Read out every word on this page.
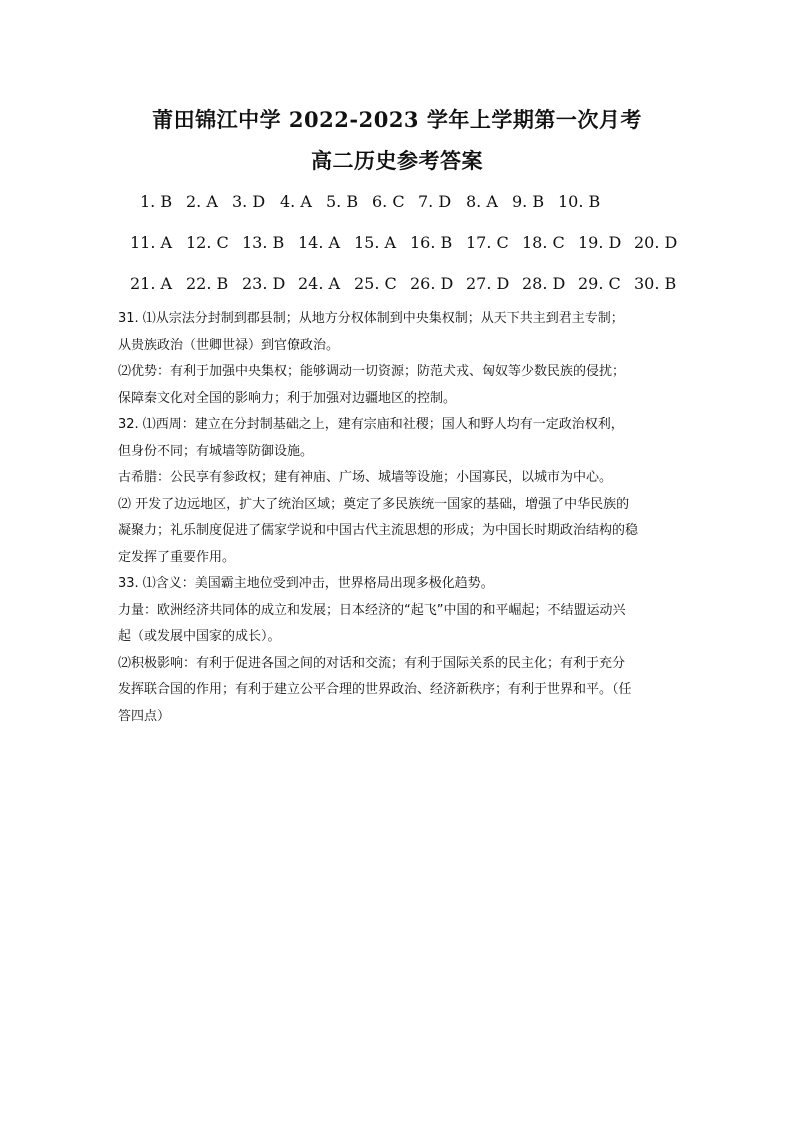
莆田锦江中学 2022-2023 学年上学期第一次月考
高二历史参考答案
1. B 2. A 3. D 4. A 5. B 6. C 7. D 8. A 9. B 10. B
11. A 12. C 13. B 14. A 15. A 16. B 17. C 18. C 19. D 20. D
21. A 22. B 23. D 24. A 25. C 26. D 27. D 28. D 29. C 30. B

31. ⑴从宗法分封制到郡县制；从地方分权体制到中央集权制；从天下共主到君主专制；

从贵族政治（世卿世禄）到官僚政治。

⑵优势：有利于加强中央集权；能够调动一切资源；防范犬戎、匈奴等少数民族的侵扰；

保障秦文化对全国的影响力；利于加强对边疆地区的控制。

32. ⑴西周：建立在分封制基础之上，建有宗庙和社稷；国人和野人均有一定政治权利，

但身份不同；有城墙等防御设施。

古希腊：公民享有参政权；建有神庙、广场、城墙等设施；小国寡民，以城市为中心。

⑵ 开发了边远地区，扩大了统治区域；奠定了多民族统一国家的基础，增强了中华民族的

凝聚力；礼乐制度促进了儒家学说和中国古代主流思想的形成；为中国长时期政治结构的稳

定发挥了重要作用。

33. ⑴含义：美国霸主地位受到冲击，世界格局出现多极化趋势。

力量：欧洲经济共同体的成立和发展；日本经济的“起飞”中国的和平崛起；不结盟运动兴

起（或发展中国家的成长）。

⑵积极影响：有利于促进各国之间的对话和交流；有利于国际关系的民主化；有利于充分

发挥联合国的作用；有利于建立公平合理的世界政治、经济新秩序；有利于世界和平。（任

答四点）
